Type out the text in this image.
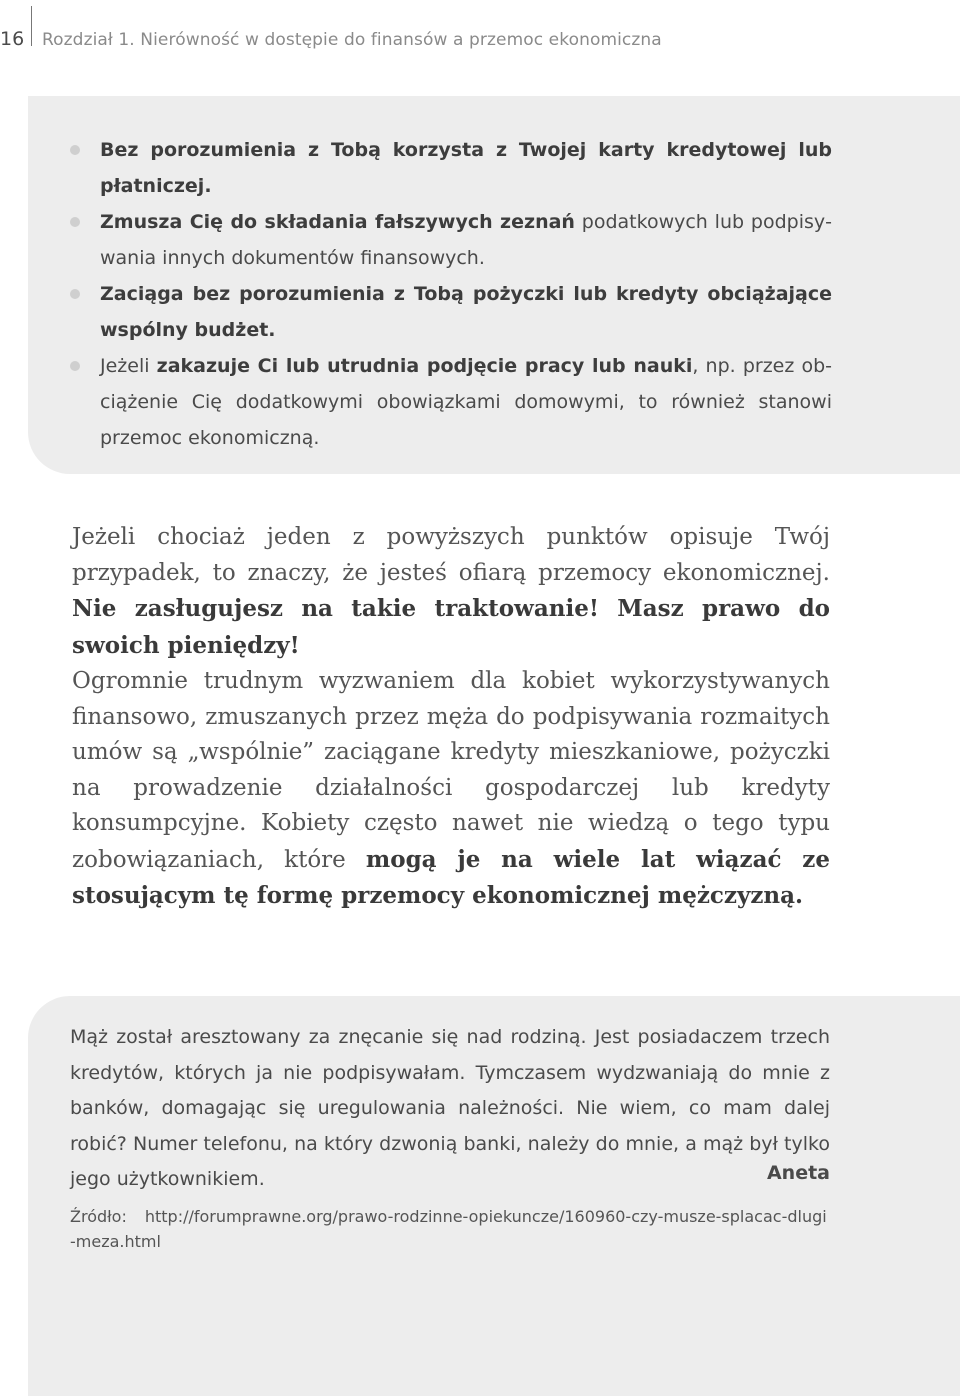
16 Rozdział 1. Nierówność w dostępie do finansów a przemoc ekonomiczna
Bez porozumienia z Tobą korzysta z Twojej karty kredytowej lub płatniczej.
Zmusza Cię do składania fałszywych zeznań podatkowych lub podpisywania innych dokumentów finansowych.
Zaciąga bez porozumienia z Tobą pożyczki lub kredyty obciążające wspólny budżet.
Jeżeli zakazuje Ci lub utrudnia podjęcie pracy lub nauki, np. przez obciążenie Cię dodatkowymi obowiązkami domowymi, to również stanowi przemoc ekonomiczną.
Jeżeli chociaż jeden z powyższych punktów opisuje Twój przypadek, to znaczy, że jesteś ofiarą przemocy ekonomicznej. Nie zasługujesz na takie traktowanie! Masz prawo do swoich pieniędzy!
Ogromnie trudnym wyzwaniem dla kobiet wykorzystywanych finansowo, zmuszanych przez męża do podpisywania rozmaitych umów są „wspólnie” zaciągane kredyty mieszkaniowe, pożyczki na prowadzenie działalności gospodarczej lub kredyty konsumpcyjne. Kobiety często nawet nie wiedzą o tego typu zobowiązaniach, które mogą je na wiele lat wiązać ze stosującym tę formę przemocy ekonomicznej mężczyzną.

Mąż został aresztowany za znęcanie się nad rodziną. Jest posiadaczem trzech kredytów, których ja nie podpisywałam. Tymczasem wydzwaniają do mnie z banków, domagając się uregulowania należności. Nie wiem, co mam dalej robić? Numer telefonu, na który dzwonią banki, należy do mnie, a mąż był tylko jego użytkownikiem.	Aneta
Źródło: http://forumprawne.org/prawo-rodzinne-opiekuncze/160960-czy-musze-splacac-dlugi -meza.html
